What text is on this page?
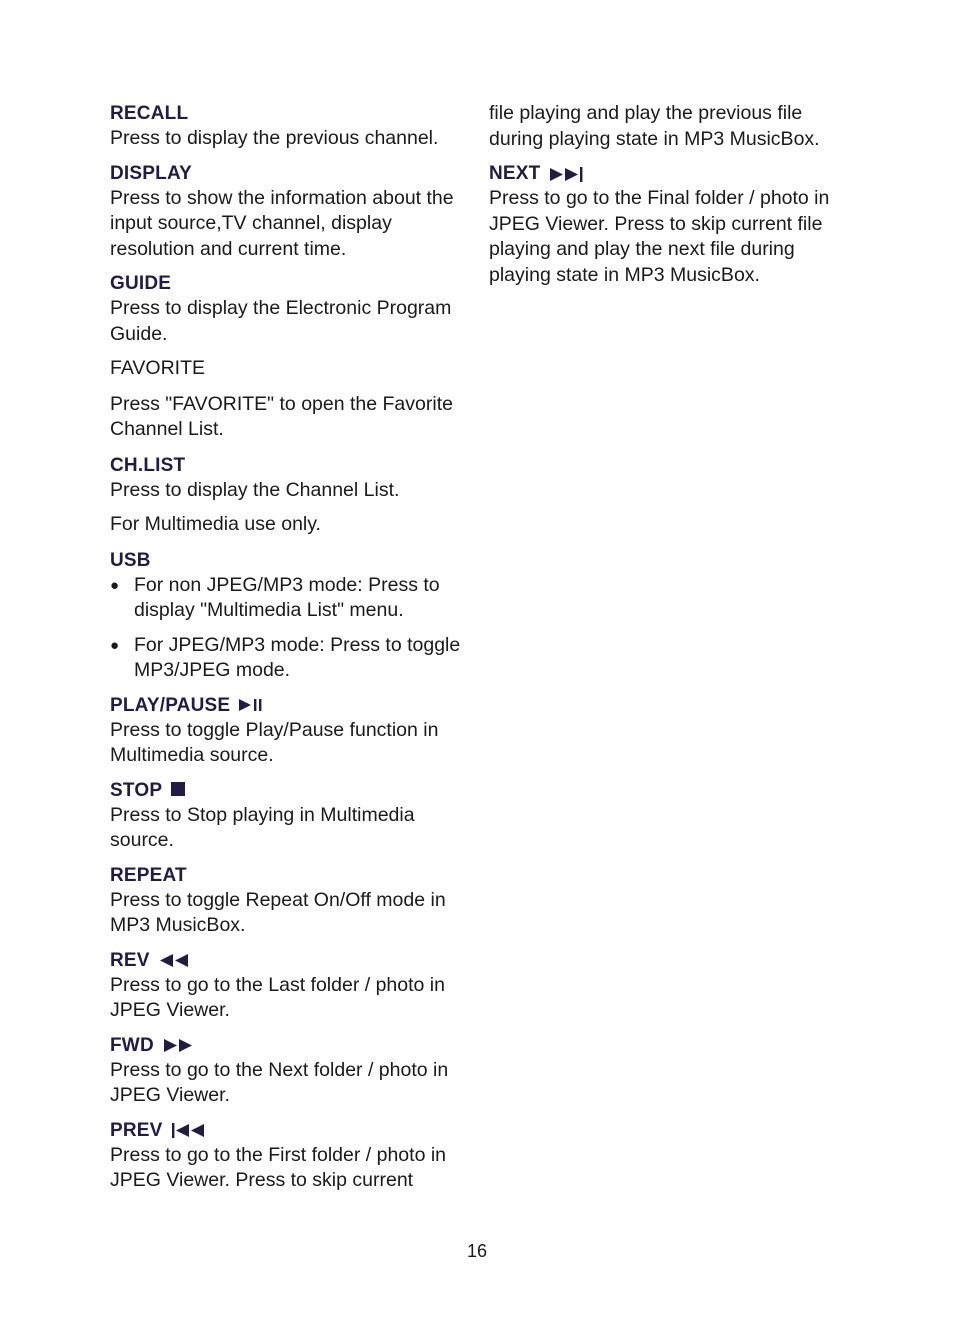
RECALL

Press to display the previous channel.

DISPLAY

Press to show the information about the input source,TV channel, display resolution and current time.

GUIDE

Press to display the Electronic Program Guide.

FAVORITE

Press "FAVORITE" to open the Favorite Channel List.

CH.LIST

Press to display the Channel List.

For Multimedia use only.

USB
● For non JPEG/MP3 mode: Press to display "Multimedia List" menu.
● For JPEG/MP3 mode: Press to toggle MP3/JPEG mode.
PLAY/PAUSE

Press to toggle Play/Pause function in Multimedia source.

STOP

Press to Stop playing in Multimedia source.

REPEAT

Press to toggle Repeat On/Off mode in MP3 MusicBox.

REV

Press to go to the Last folder / photo in JPEG Viewer.

FWD

Press to go to the Next folder / photo in JPEG Viewer.

PREV

Press to go to the First folder / photo in JPEG Viewer. Press to skip current

file playing and play the previous file during playing state in MP3 MusicBox.

NEXT

Press to go to the Final folder / photo in JPEG Viewer. Press to skip current file playing and play the next file during playing state in MP3 MusicBox.

16
